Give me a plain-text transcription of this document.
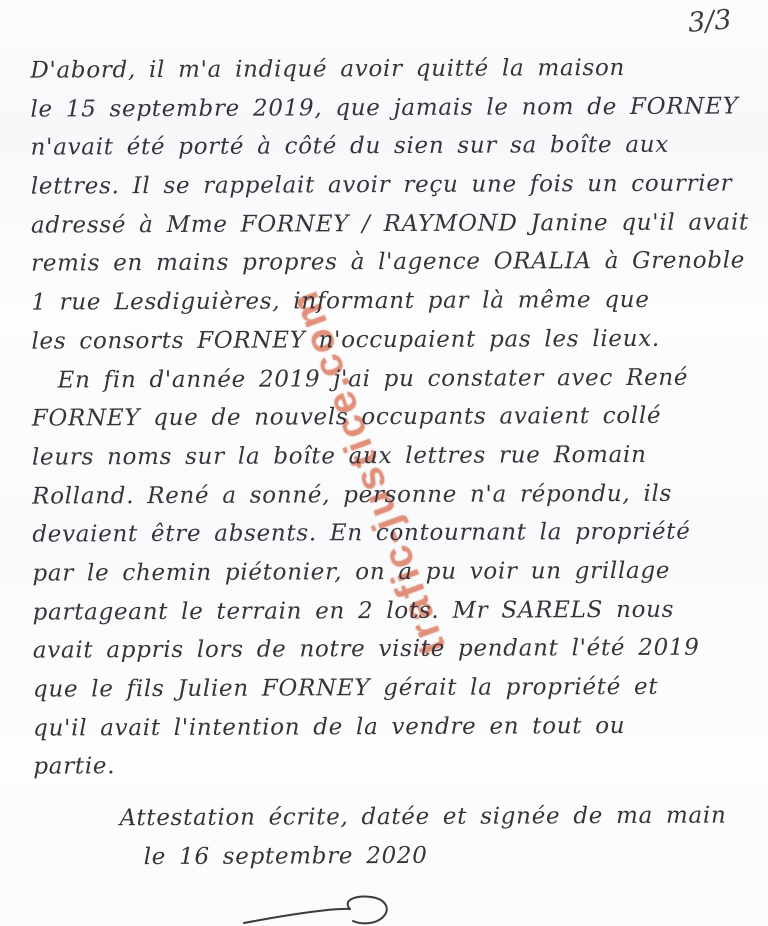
3/3
trafic-justice.com
D'abord, il m'a indiqué avoir quitté la maison
le 15 septembre 2019, que jamais le nom de FORNEY
n'avait été porté à côté du sien sur sa boîte aux
lettres. Il se rappelait avoir reçu une fois un courrier
adressé à Mme FORNEY / RAYMOND Janine qu'il avait
remis en mains propres à l'agence ORALIA à Grenoble
1 rue Lesdiguières, informant par là même que
les consorts FORNEY n'occupaient pas les lieux.
En fin d'année 2019 j'ai pu constater avec René
FORNEY que de nouvels occupants avaient collé
leurs noms sur la boîte aux lettres rue Romain
Rolland. René a sonné, personne n'a répondu, ils
devaient être absents. En contournant la propriété
par le chemin piétonier, on a pu voir un grillage
partageant le terrain en 2 lots. Mr SARELS nous
avait appris lors de notre visite pendant l'été 2019
que le fils Julien FORNEY gérait la propriété et
qu'il avait l'intention de la vendre en tout ou
partie.
Attestation écrite, datée et signée de ma main
le 16 septembre 2020
